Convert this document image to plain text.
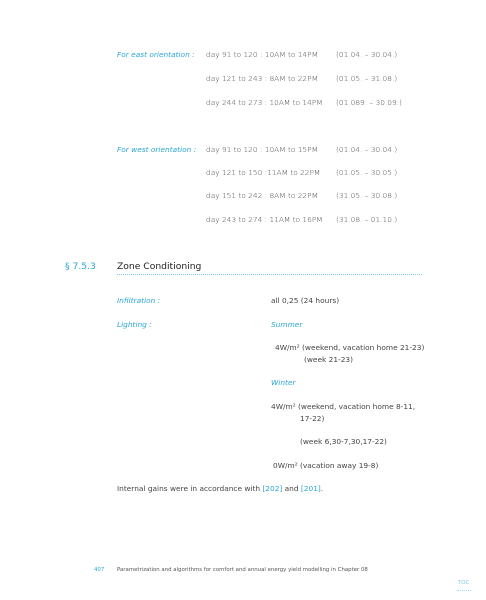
For east orientation : day 91 to 120 : 10AM to 14PM (01.04. – 30.04.)
day 121 to 243 : 8AM to 22PM (01.05. – 31.08.)
day 244 to 273 : 10AM to 14PM (01.089. – 30.09.)
For west orientation : day 91 to 120 : 10AM to 15PM (01.04. – 30.04.)
day 121 to 150 :11AM to 22PM (01.05. – 30.05.)
day 151 to 242 : 8AM to 22PM (31.05. – 30.08.)
day 243 to 274 : 11AM to 16PM (31.08. – 01.10.)
§ 7.5.3 Zone Conditioning
Infiltration :	all 0,25 (24 hours)
Lighting :	Summer
4W/m² (weekend, vacation home 21-23)
(week 21-23)
Winter
4W/m² (weekend, vacation home 8-11,
17-22)
(week 6,30-7,30,17-22)
0W/m² (vacation away 19-8)
Internal gains were in accordance with [202] and [201].
407 Parametrization and algorithms for comfort and annual energy yield modelling in Chapter 08
TOC
